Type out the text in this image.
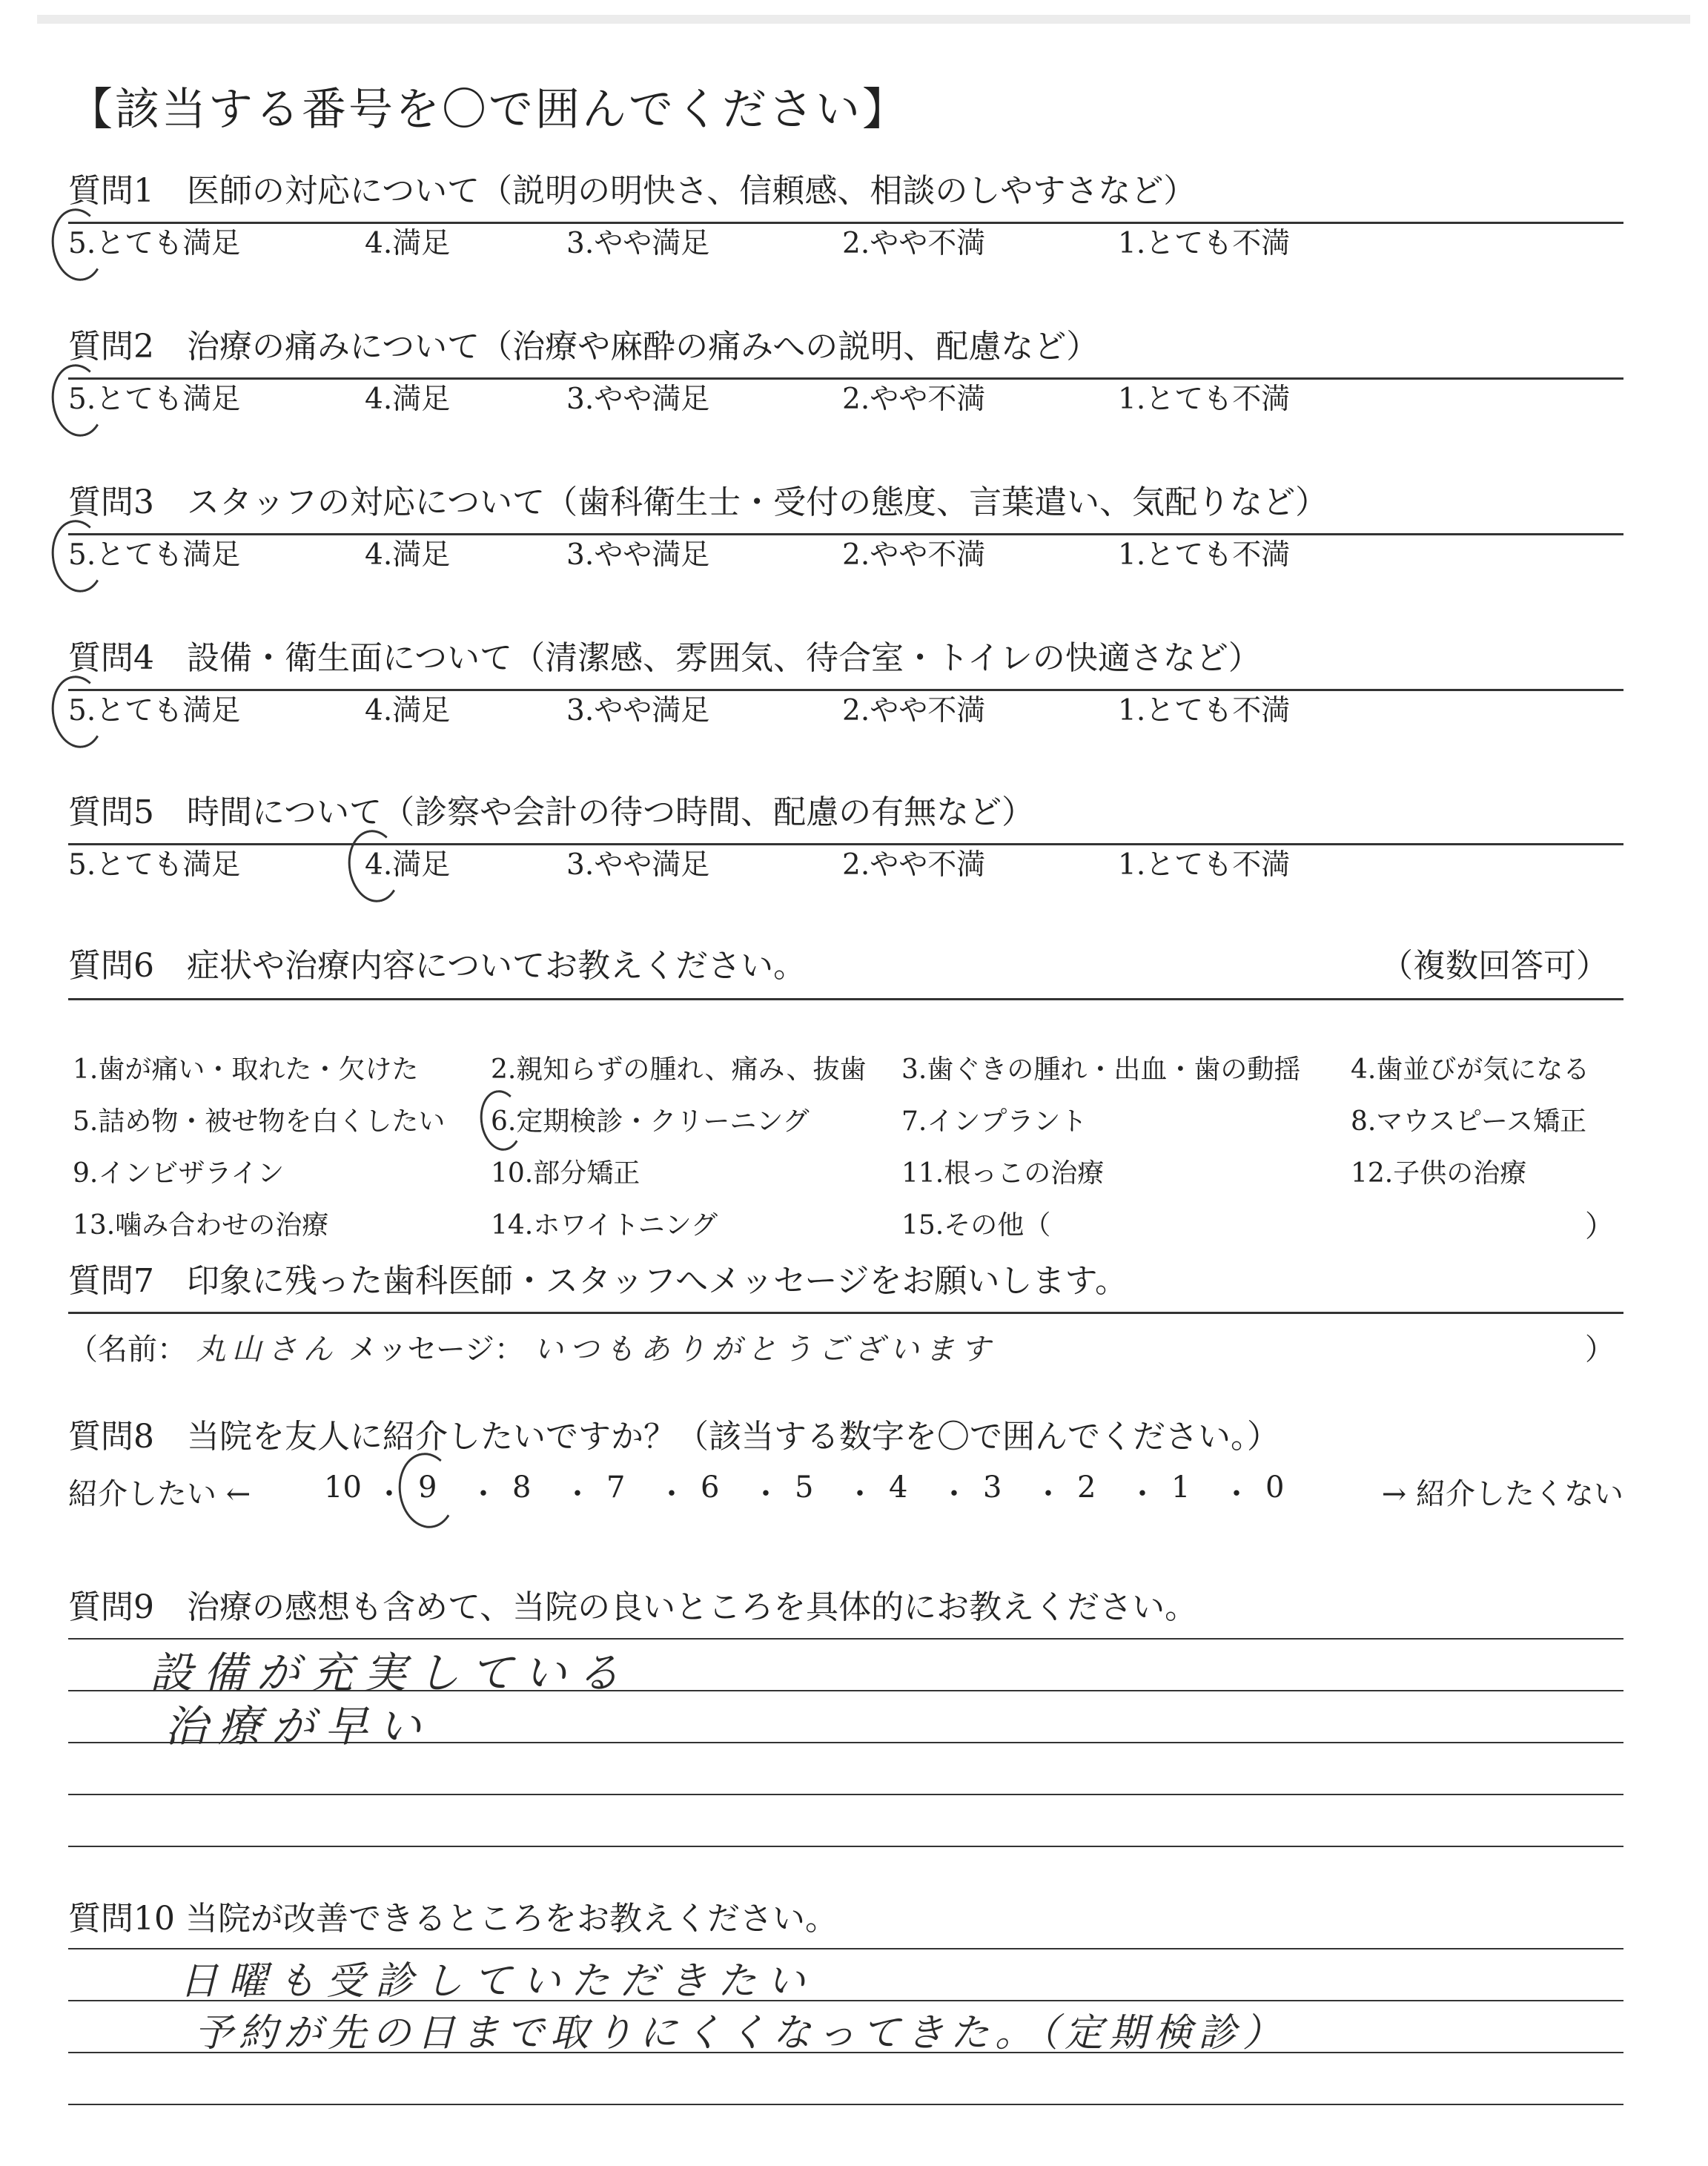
【該当する番号を〇で囲んでください】
質問1　医師の対応について（説明の明快さ、信頼感、相談のしやすさなど）
5.とても満足	4.満足	3.やや満足	2.やや不満	1.とても不満
質問2　治療の痛みについて（治療や麻酔の痛みへの説明、配慮など）
5.とても満足	4.満足	3.やや満足	2.やや不満	1.とても不満
質問3　スタッフの対応について（歯科衛生士・受付の態度、言葉遣い、気配りなど）
5.とても満足	4.満足	3.やや満足	2.やや不満	1.とても不満
質問4　設備・衛生面について（清潔感、雰囲気、待合室・トイレの快適さなど）
5.とても満足	4.満足	3.やや満足	2.やや不満	1.とても不満
質問5　時間について（診察や会計の待つ時間、配慮の有無など）
5.とても満足	4.満足	3.やや満足	2.やや不満	1.とても不満
質問6　症状や治療内容についてお教えください。	（複数回答可）
1.歯が痛い・取れた・欠けた	2.親知らずの腫れ、痛み、抜歯 3.歯ぐきの腫れ・出血・歯の動揺 4.歯並びが気になる
5.詰め物・被せ物を白くしたい 6.定期検診・クリーニング	7.インプラント	8.マウスピース矯正
9.インビザライン	10.部分矯正	11.根っこの治療	12.子供の治療
13.噛み合わせの治療	14.ホワイトニング	15.その他（	）
質問7　印象に残った歯科医師・スタッフへメッセージをお願いします。
（名前： 丸山さん メッセージ： いつもありがとうございます	）
質問8　当院を友人に紹介したいですか？（該当する数字を〇で囲んでください。）
紹介したい ←	→ 紹介したくない
10 ・ 9 ・ 8 ・ 7 ・ 6 ・ 5 ・ 4 ・ 3 ・ 2 ・ 1 ・ 0
質問9　治療の感想も含めて、当院の良いところを具体的にお教えください。
設備が充実している
治療が早い
質問10 当院が改善できるところをお教えください。
日曜も受診していただきたい
予約が先の日まで取りにくくなってきた。（定期検診）
